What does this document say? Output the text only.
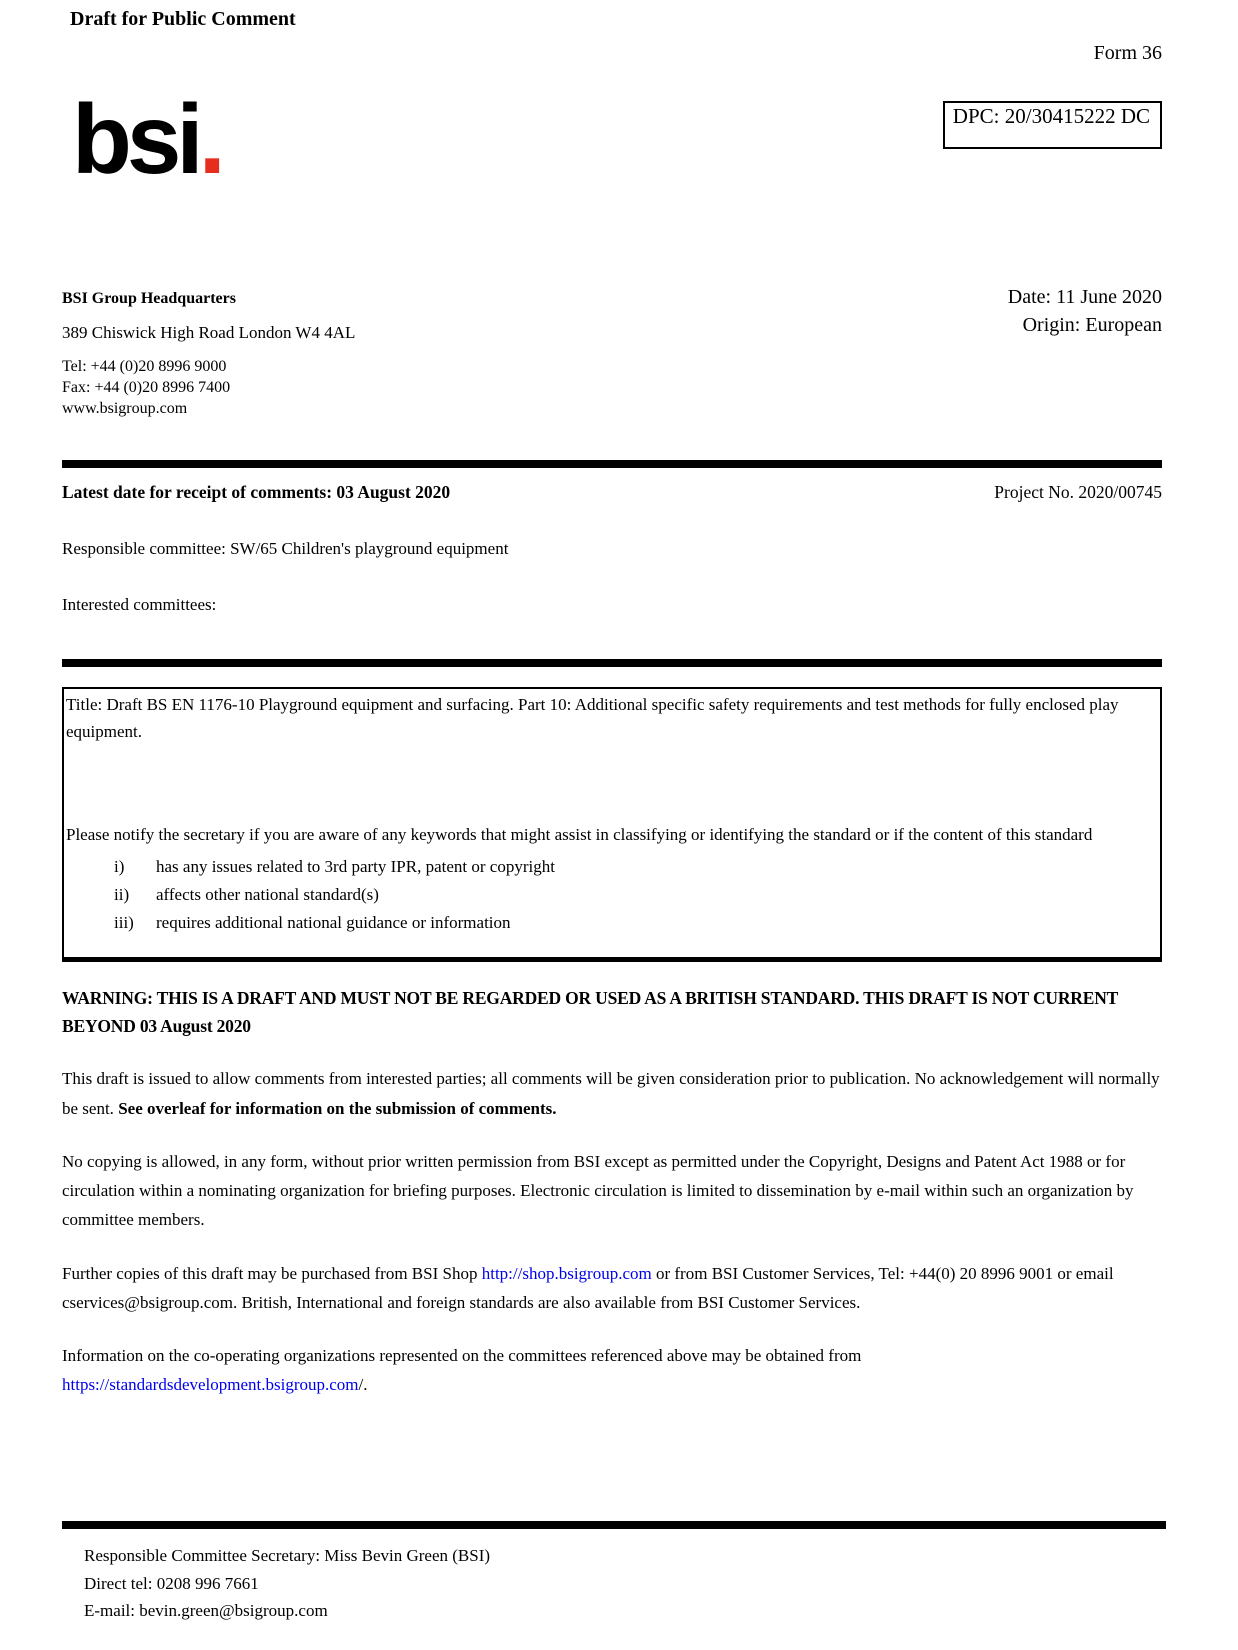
Draft for Public Comment
Form 36
DPC: 20/30415222 DC
bsi.
BSI Group Headquarters
389 Chiswick High Road London W4 4AL
Tel: +44 (0)20 8996 9000
Fax: +44 (0)20 8996 7400
www.bsigroup.com
Date: 11 June 2020
Origin: European
Latest date for receipt of comments: 03 August 2020	Project No. 2020/00745
Responsible committee: SW/65 Children's playground equipment
Interested committees:
Title: Draft BS EN 1176-10 Playground equipment and surfacing. Part 10: Additional specific safety requirements and test methods for fully enclosed play equipment.
Please notify the secretary if you are aware of any keywords that might assist in classifying or identifying the standard or if the content of this standard
i)	has any issues related to 3rd party IPR, patent or copyright
ii)	affects other national standard(s)
iii)	requires additional national guidance or information
WARNING: THIS IS A DRAFT AND MUST NOT BE REGARDED OR USED AS A BRITISH STANDARD. THIS DRAFT IS NOT CURRENT BEYOND 03 August 2020
This draft is issued to allow comments from interested parties; all comments will be given consideration prior to publication. No acknowledgement will normally be sent. See overleaf for information on the submission of comments.
No copying is allowed, in any form, without prior written permission from BSI except as permitted under the Copyright, Designs and Patent Act 1988 or for circulation within a nominating organization for briefing purposes. Electronic circulation is limited to dissemination by e-mail within such an organization by committee members.
Further copies of this draft may be purchased from BSI Shop http://shop.bsigroup.com or from BSI Customer Services, Tel: +44(0) 20 8996 9001 or email cservices@bsigroup.com. British, International and foreign standards are also available from BSI Customer Services.
Information on the co-operating organizations represented on the committees referenced above may be obtained from https://standardsdevelopment.bsigroup.com/.
Responsible Committee Secretary: Miss Bevin Green (BSI)
Direct tel: 0208 996 7661
E-mail: bevin.green@bsigroup.com
